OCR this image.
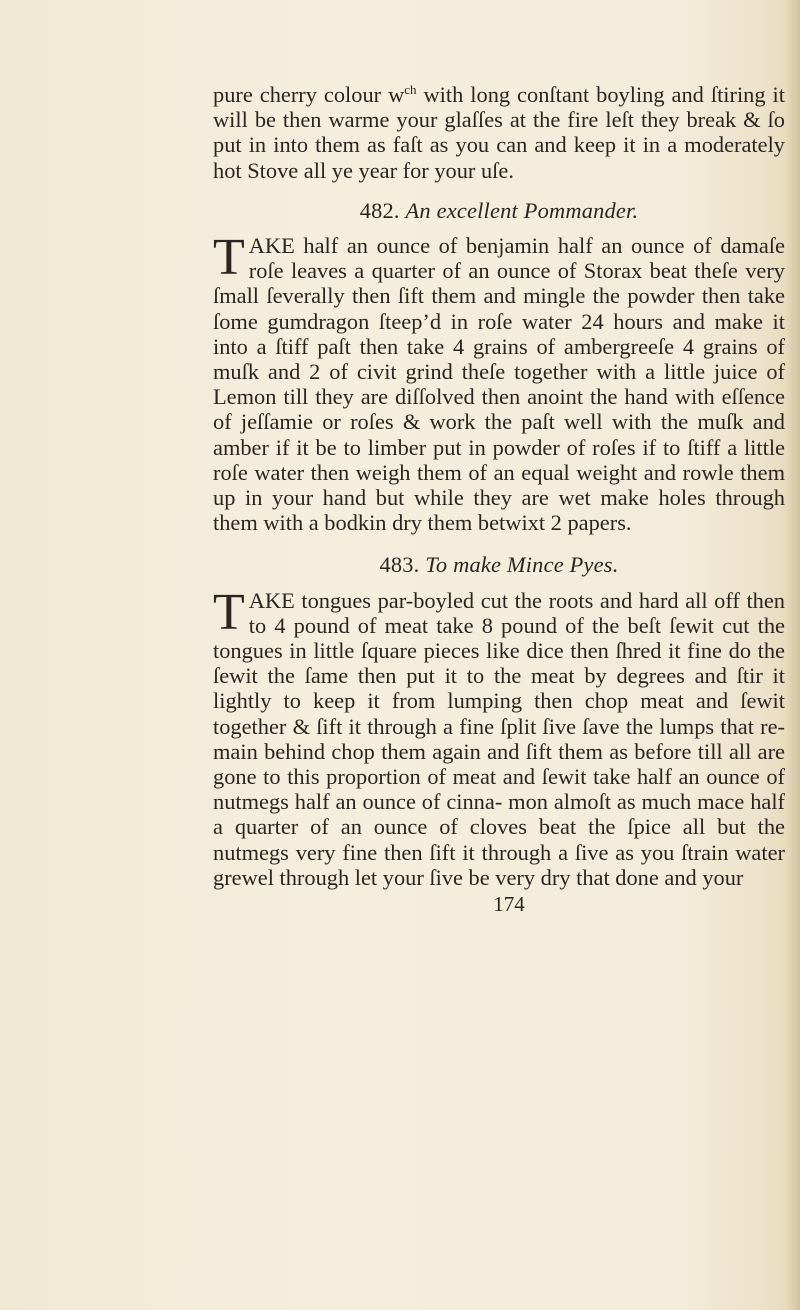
pure cherry colour $w^{ch}$ with long conſtant boyling and ſtiring it will be then warme your glaſſes at the fire leſt they break & ſo put in into them as faſt as you can and keep it in a moderately hot Stove all ye year for your uſe.

482. An excellent Pommander.

TAKE half an ounce of benjamin half an ounce of damaſe roſe leaves a quarter of an ounce of Storax beat theſe very ſmall ſeverally then ſift them and mingle the powder then take ſome gumdragon ſteep’d in roſe water 24 hours and make it into a ſtiff paſt then take 4 grains of ambergreeſe 4 grains of muſk and 2 of civit grind theſe together with a little juice of Lemon till they are diſſolved then anoint the hand with eſſence of jeſſamie or roſes & work the paſt well with the muſk and amber if it be to limber put in powder of roſes if to ſtiff a little roſe water then weigh them of an equal weight and rowle them up in your hand but while they are wet make holes through them with a bodkin dry them betwixt 2 papers.

483. To make Mince Pyes.

TAKE tongues par-boyled cut the roots and hard all off then to 4 pound of meat take 8 pound of the beſt ſewit cut the tongues in little ſquare pieces like dice then ſhred it fine do the ſewit the ſame then put it to the meat by degrees and ſtir it lightly to keep it from lumping then chop meat and ſewit together & ſift it through a fine ſplit ſive ſave the lumps that re- main behind chop them again and ſift them as before till all are gone to this proportion of meat and ſewit take half an ounce of nutmegs half an ounce of cinna- mon almoſt as much mace half a quarter of an ounce of cloves beat the ſpice all but the nutmegs very fine then ſift it through a ſive as you ſtrain water grewel through let your ſive be very dry that done and your

174
